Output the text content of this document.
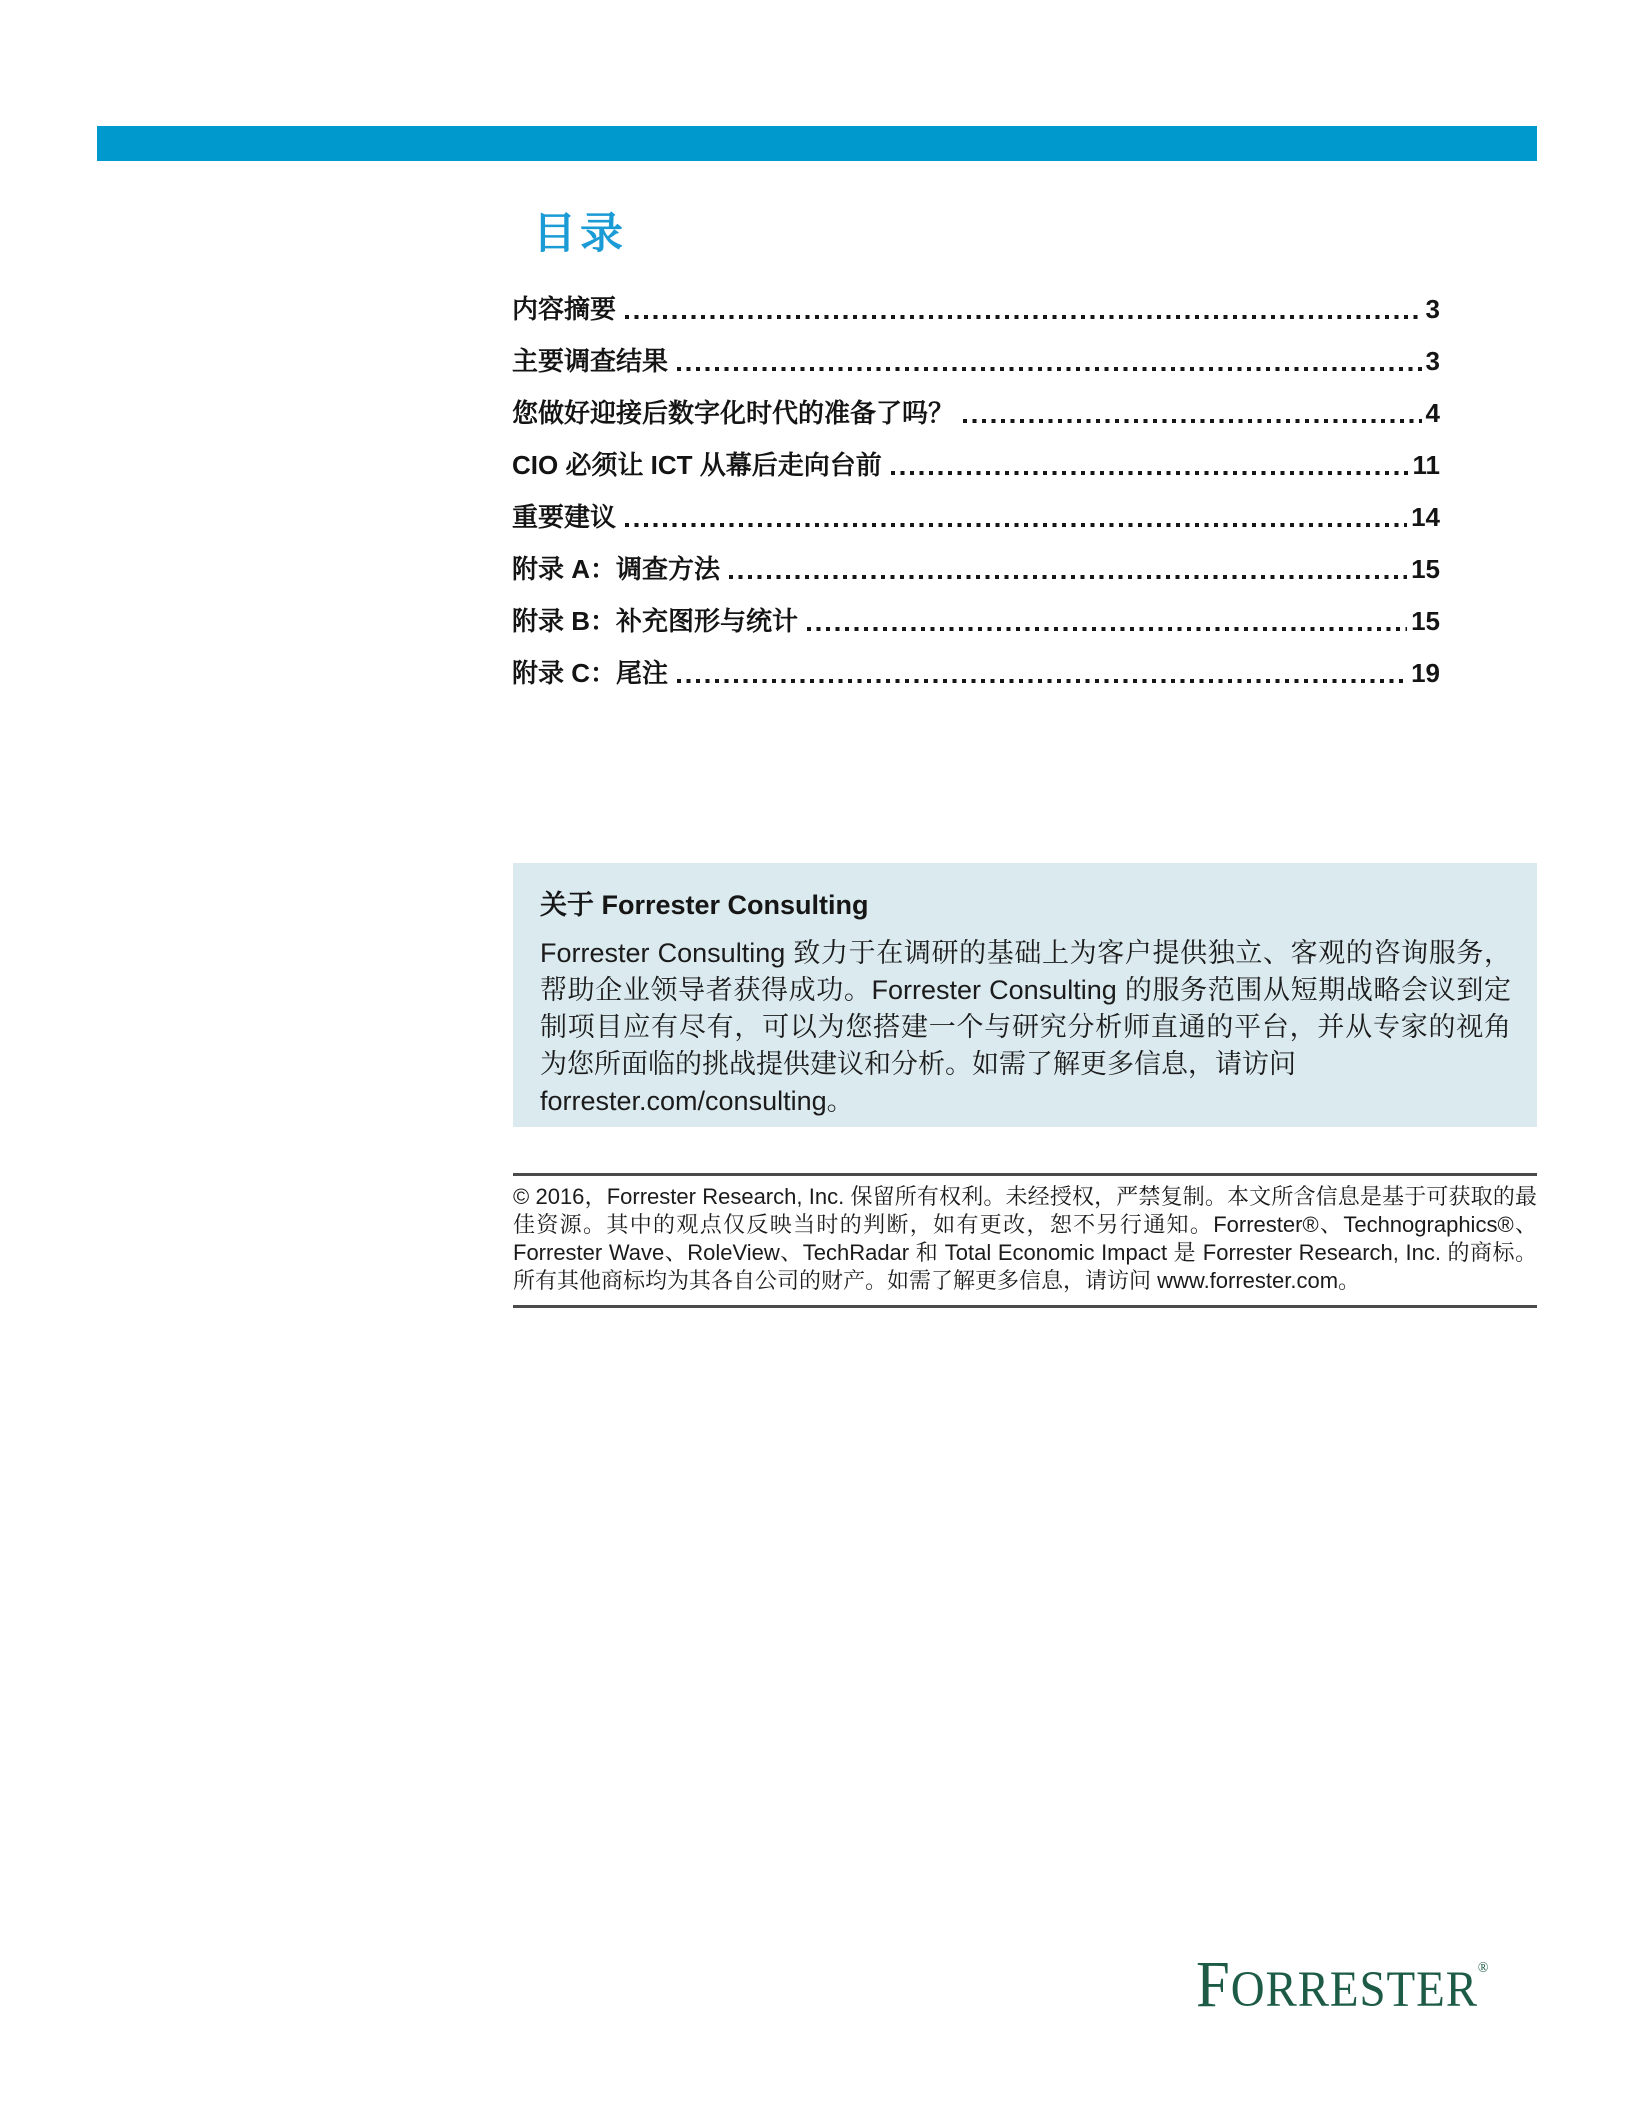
目录
内容摘要	3
主要调查结果	3
您做好迎接后数字化时代的准备了吗？	4
CIO 必须让 ICT 从幕后走向台前	11
重要建议	14
附录 A：调查方法	15
附录 B：补充图形与统计	15
附录 C：尾注	19
关于 Forrester Consulting
Forrester Consulting 致力于在调研的基础上为客户提供独立、客观的咨询服务，帮助企业领导者获得成功。Forrester Consulting 的服务范围从短期战略会议到定制项目应有尽有，可以为您搭建一个与研究分析师直通的平台，并从专家的视角为您所面临的挑战提供建议和分析。如需了解更多信息，请访问
forrester.com/consulting。
© 2016，Forrester Research, Inc. 保留所有权利。未经授权，严禁复制。本文所含信息是基于可获取的最佳资源。其中的观点仅反映当时的判断，如有更改，恕不另行通知。Forrester®、Technographics®、Forrester Wave、RoleView、TechRadar 和 Total Economic Impact 是 Forrester Research, Inc. 的商标。所有其他商标均为其各自公司的财产。如需了解更多信息，请访问 www.forrester.com。
FORRESTER®
